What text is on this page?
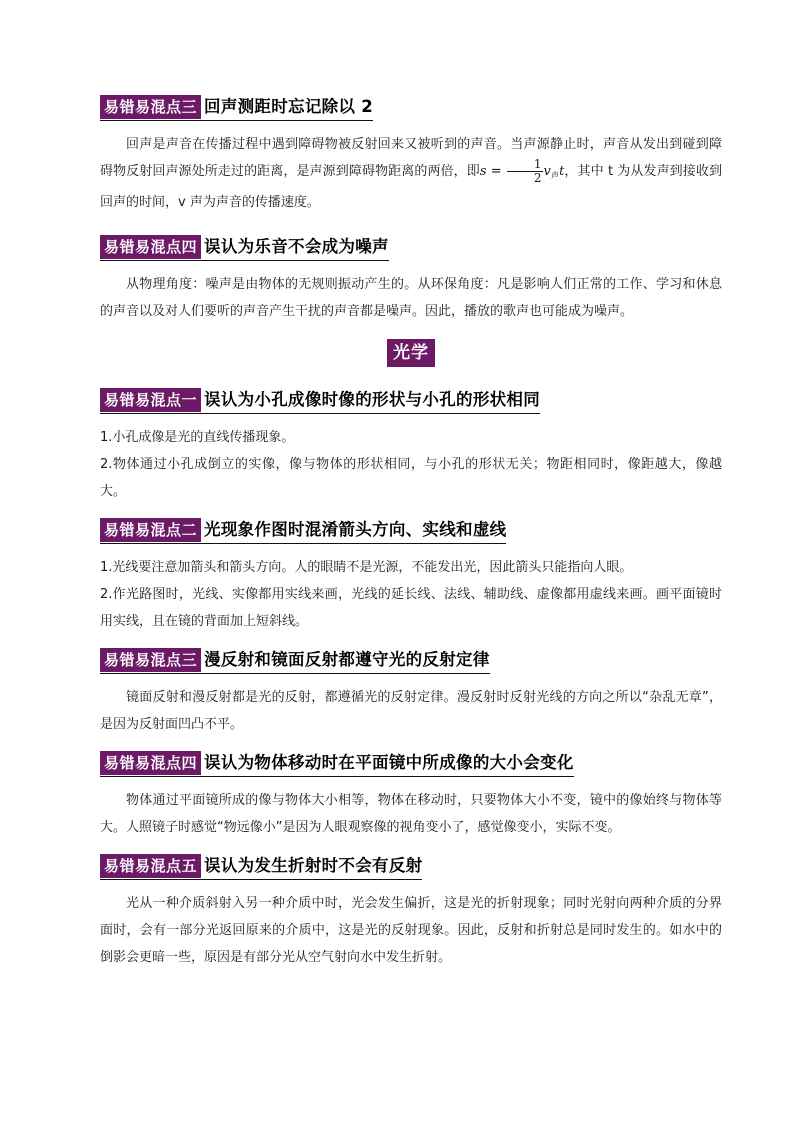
易错易混点三 回声测距时忘记除以 2

回声是声音在传播过程中遇到障碍物被反射回来又被听到的声音。当声源静止时，声音从发出到碰到障碍物反射回声源处所走过的距离，是声源到障碍物距离的两倍，即$s = \frac{1}{2} v_声t$，其中 t 为从发声到接收到回声的时间，v 声为声音的传播速度。

易错易混点四 误认为乐音不会成为噪声

从物理角度：噪声是由物体的无规则振动产生的。从环保角度：凡是影响人们正常的工作、学习和休息的声音以及对人们要听的声音产生干扰的声音都是噪声。因此，播放的歌声也可能成为噪声。

光学
易错易混点一 误认为小孔成像时像的形状与小孔的形状相同

1.小孔成像是光的直线传播现象。

2.物体通过小孔成倒立的实像，像与物体的形状相同，与小孔的形状无关；物距相同时，像距越大，像越大。

易错易混点二 光现象作图时混淆箭头方向、实线和虚线

1.光线要注意加箭头和箭头方向。人的眼睛不是光源，不能发出光，因此箭头只能指向人眼。

2.作光路图时，光线、实像都用实线来画，光线的延长线、法线、辅助线、虚像都用虚线来画。画平面镜时用实线，且在镜的背面加上短斜线。

易错易混点三 漫反射和镜面反射都遵守光的反射定律

镜面反射和漫反射都是光的反射，都遵循光的反射定律。漫反射时反射光线的方向之所以“杂乱无章”，是因为反射面凹凸不平。

易错易混点四 误认为物体移动时在平面镜中所成像的大小会变化

物体通过平面镜所成的像与物体大小相等，物体在移动时，只要物体大小不变，镜中的像始终与物体等大。人照镜子时感觉“物远像小”是因为人眼观察像的视角变小了，感觉像变小，实际不变。

易错易混点五 误认为发生折射时不会有反射

光从一种介质斜射入另一种介质中时，光会发生偏折，这是光的折射现象；同时光射向两种介质的分界面时，会有一部分光返回原来的介质中，这是光的反射现象。因此，反射和折射总是同时发生的。如水中的倒影会更暗一些，原因是有部分光从空气射向水中发生折射。
